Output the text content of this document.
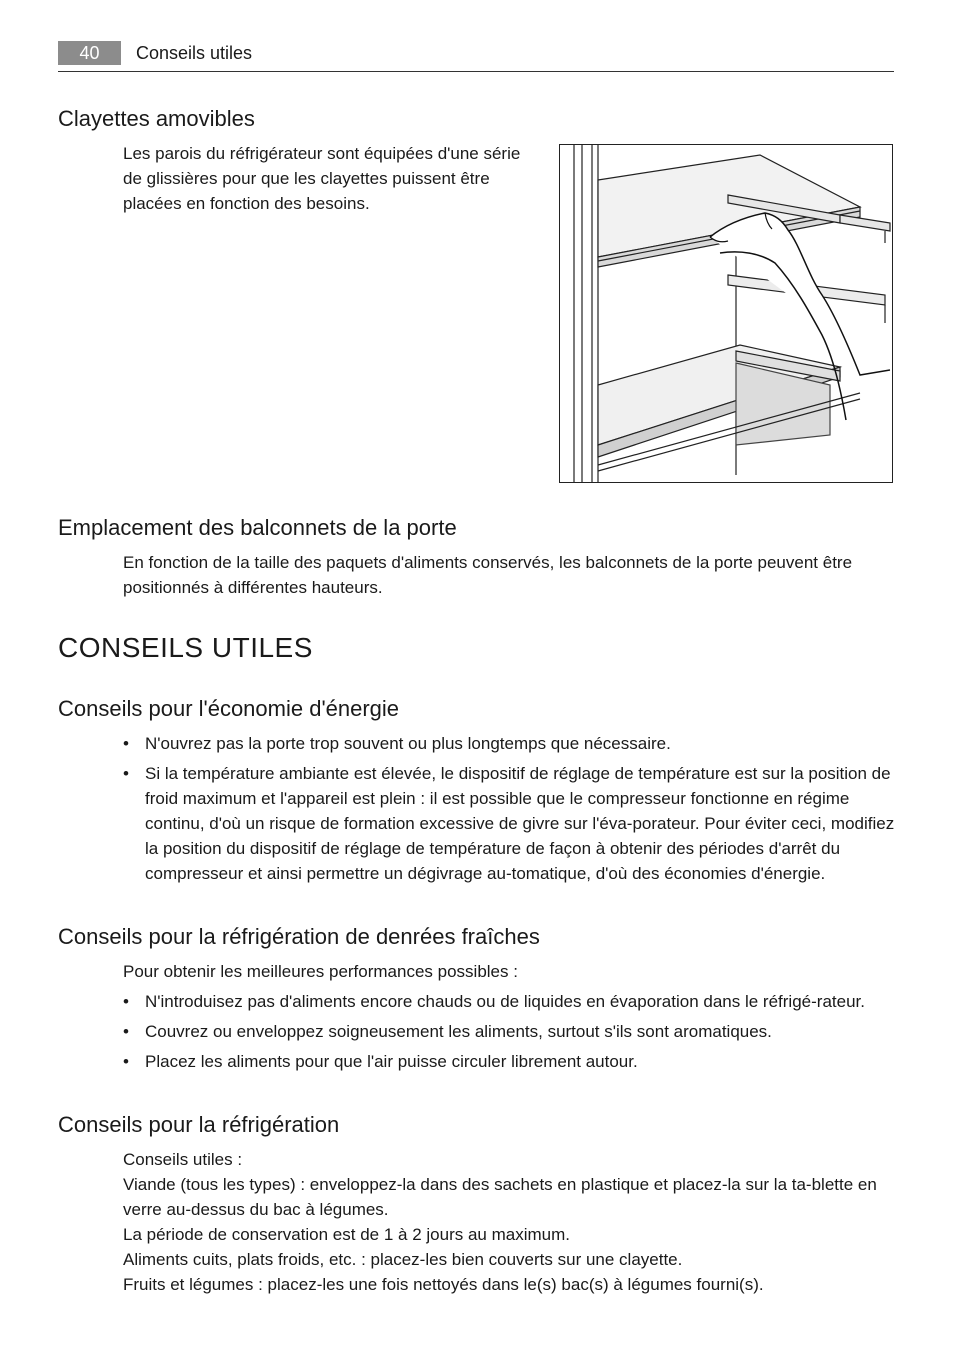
40	Conseils utiles
Clayettes amovibles

Les parois du réfrigérateur sont équipées d'une série de glissières pour que les clayettes puissent être placées en fonction des besoins.

Emplacement des balconnets de la porte

En fonction de la taille des paquets d'aliments conservés, les balconnets de la porte peuvent être positionnés à différentes hauteurs.

CONSEILS UTILES
Conseils pour l'économie d'énergie
• N'ouvrez pas la porte trop souvent ou plus longtemps que nécessaire.
• Si la température ambiante est élevée, le dispositif de réglage de température est sur la position de froid maximum et l'appareil est plein : il est possible que le compresseur fonctionne en régime continu, d'où un risque de formation excessive de givre sur l'éva-porateur. Pour éviter ceci, modifiez la position du dispositif de réglage de température de façon à obtenir des périodes d'arrêt du compresseur et ainsi permettre un dégivrage au-tomatique, d'où des économies d'énergie.
Conseils pour la réfrigération de denrées fraîches

Pour obtenir les meilleures performances possibles :

• N'introduisez pas d'aliments encore chauds ou de liquides en évaporation dans le réfrigé-rateur.
• Couvrez ou enveloppez soigneusement les aliments, surtout s'ils sont aromatiques.
• Placez les aliments pour que l'air puisse circuler librement autour.
Conseils pour la réfrigération

Conseils utiles :

Viande (tous les types) : enveloppez-la dans des sachets en plastique et placez-la sur la ta-blette en verre au-dessus du bac à légumes.

La période de conservation est de 1 à 2 jours au maximum.

Aliments cuits, plats froids, etc. : placez-les bien couverts sur une clayette.

Fruits et légumes : placez-les une fois nettoyés dans le(s) bac(s) à légumes fourni(s).
